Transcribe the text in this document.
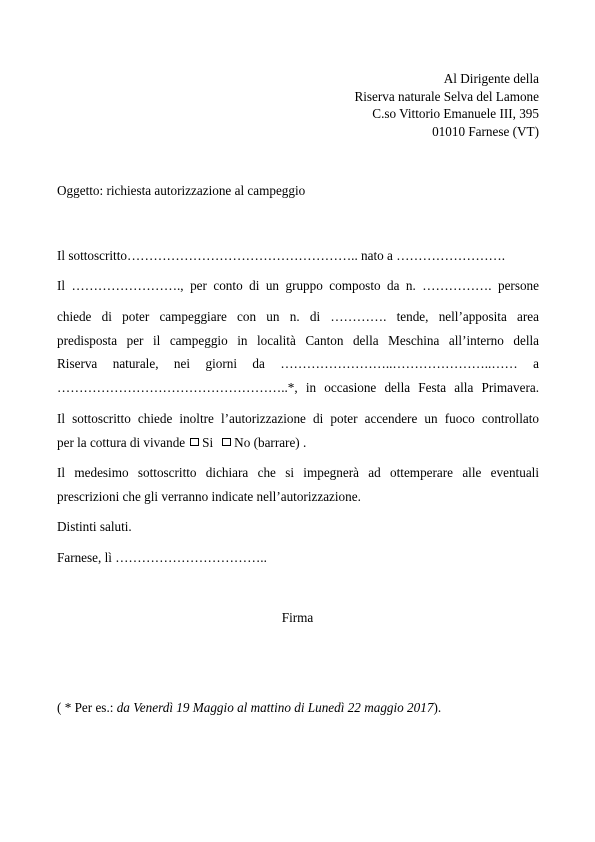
Al Dirigente della
Riserva naturale Selva del Lamone
C.so Vittorio Emanuele III, 395
01010 Farnese (VT)
Oggetto: richiesta autorizzazione al campeggio
Il sottoscritto…………………………………………….. nato a …………………….
Il ……………………., per conto di un gruppo composto da n. ……………. persone
chiede di poter campeggiare con un n. di …………. tende, nell’apposita area
predisposta per il campeggio in località Canton della Meschina all’interno della
Riserva naturale, nei giorni da ……………………..…………………..…… a
……………………………………………..*, in occasione della Festa alla Primavera.
Il sottoscritto chiede inoltre l’autorizzazione di poter accendere un fuoco controllato
per la cottura di vivande Si No (barrare) .
Il medesimo sottoscritto dichiara che si impegnerà ad ottemperare alle eventuali
prescrizioni che gli verranno indicate nell’autorizzazione.
Distinti saluti.
Farnese, lì ……………………………..
Firma
( * Per es.: da Venerdì 19 Maggio al mattino di Lunedì 22 maggio 2017).
